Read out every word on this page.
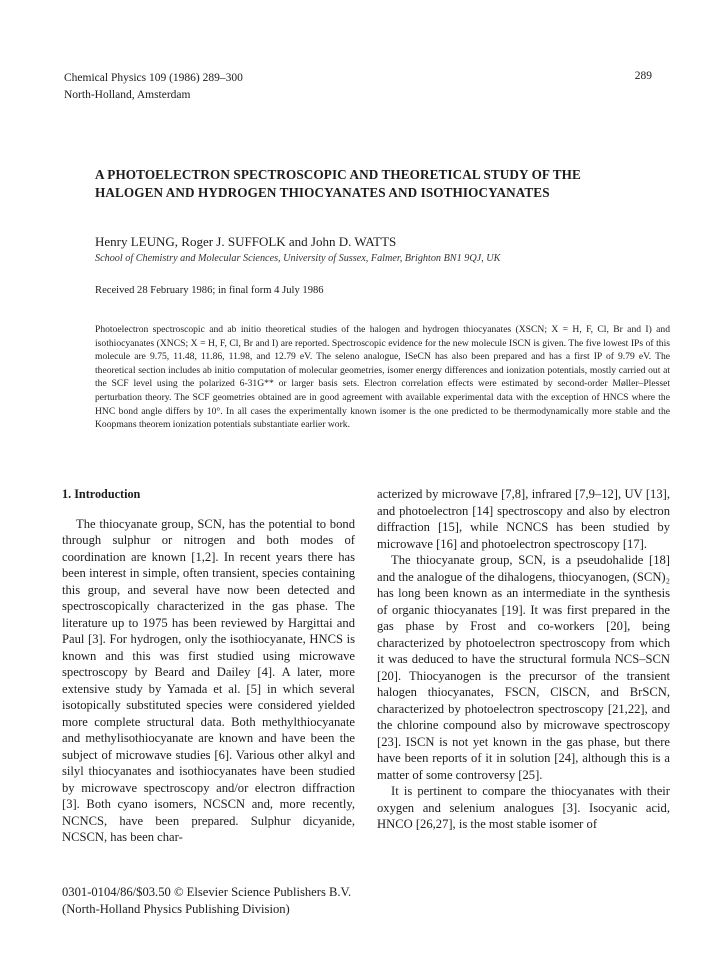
Chemical Physics 109 (1986) 289–300
North-Holland, Amsterdam
289
A PHOTOELECTRON SPECTROSCOPIC AND THEORETICAL STUDY OF THE HALOGEN AND HYDROGEN THIOCYANATES AND ISOTHIOCYANATES
Henry LEUNG, Roger J. SUFFOLK and John D. WATTS
School of Chemistry and Molecular Sciences, University of Sussex, Falmer, Brighton BN1 9QJ, UK
Received 28 February 1986; in final form 4 July 1986
Photoelectron spectroscopic and ab initio theoretical studies of the halogen and hydrogen thiocyanates (XSCN; X = H, F, Cl, Br and I) and isothiocyanates (XNCS; X = H, F, Cl, Br and I) are reported. Spectroscopic evidence for the new molecule ISCN is given. The five lowest IPs of this molecule are 9.75, 11.48, 11.86, 11.98, and 12.79 eV. The seleno analogue, ISeCN has also been prepared and has a first IP of 9.79 eV. The theoretical section includes ab initio computation of molecular geometries, isomer energy differences and ionization potentials, mostly carried out at the SCF level using the polarized 6-31G** or larger basis sets. Electron correlation effects were estimated by second-order Møller–Plesset perturbation theory. The SCF geometries obtained are in good agreement with available experimental data with the exception of HNCS where the HNC bond angle differs by 10°. In all cases the experimentally known isomer is the one predicted to be thermodynamically more stable and the Koopmans theorem ionization potentials substantiate earlier work.
1. Introduction

The thiocyanate group, SCN, has the potential to bond through sulphur or nitrogen and both modes of coordination are known [1,2]. In recent years there has been interest in simple, often transient, species containing this group, and several have now been detected and spectroscopically characterized in the gas phase. The literature up to 1975 has been reviewed by Hargittai and Paul [3]. For hydrogen, only the isothiocyanate, HNCS is known and this was first studied using microwave spectroscopy by Beard and Dailey [4]. A later, more extensive study by Yamada et al. [5] in which several isotopically substituted species were considered yielded more complete structural data. Both methylthiocyanate and methylisothiocyanate are known and have been the subject of microwave studies [6]. Various other alkyl and silyl thiocyanates and isothiocyanates have been studied by microwave spectroscopy and/or electron diffraction [3]. Both cyano isomers, NCSCN and, more recently, NCNCS, have been prepared. Sulphur dicyanide, NCSCN, has been char-

acterized by microwave [7,8], infrared [7,9–12], UV [13], and photoelectron [14] spectroscopy and also by electron diffraction [15], while NCNCS has been studied by microwave [16] and photoelectron spectroscopy [17].

The thiocyanate group, SCN, is a pseudohalide [18] and the analogue of the dihalogens, thiocyanogen, (SCN)₂ has long been known as an intermediate in the synthesis of organic thiocyanates [19]. It was first prepared in the gas phase by Frost and co-workers [20], being characterized by photoelectron spectroscopy from which it was deduced to have the structural formula NCS–SCN [20]. Thiocyanogen is the precursor of the transient halogen thiocyanates, FSCN, ClSCN, and BrSCN, characterized by photoelectron spectroscopy [21,22], and the chlorine compound also by microwave spectroscopy [23]. ISCN is not yet known in the gas phase, but there have been reports of it in solution [24], although this is a matter of some controversy [25].

It is pertinent to compare the thiocyanates with their oxygen and selenium analogues [3]. Isocyanic acid, HNCO [26,27], is the most stable isomer of

0301-0104/86/$03.50 © Elsevier Science Publishers B.V.
(North-Holland Physics Publishing Division)
